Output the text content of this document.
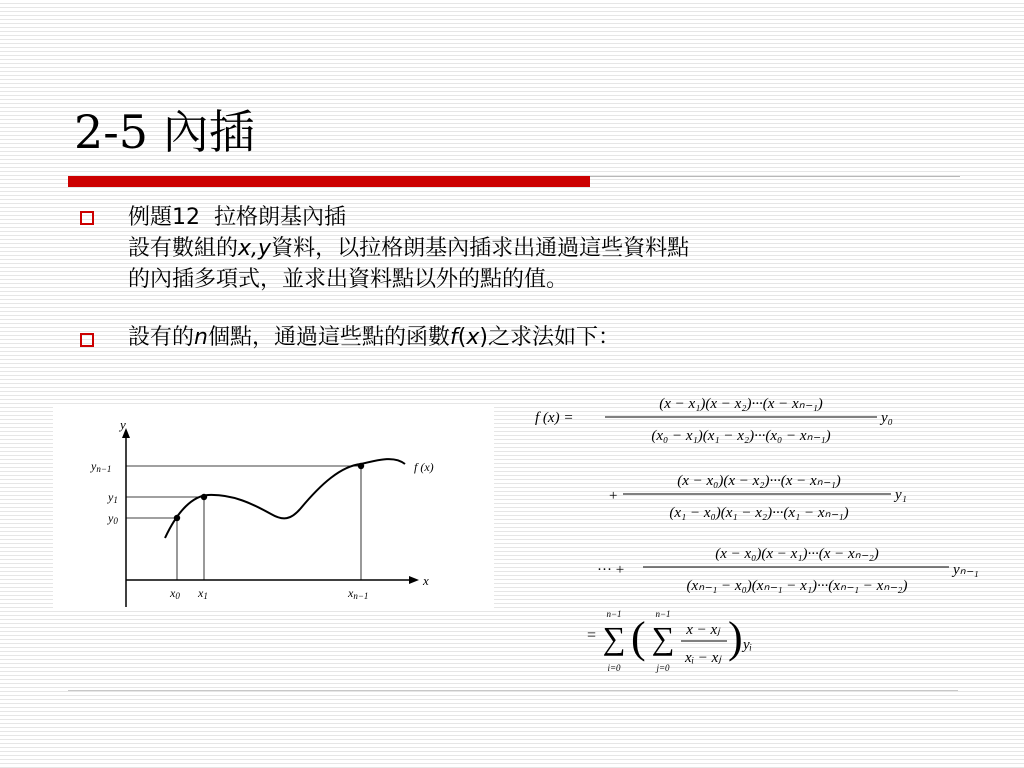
2-5 內插
例題12  拉格朗基內插
設有數組的x,y資料，以拉格朗基內插求出通過這些資料點
的內插多項式，並求出資料點以外的點的值。
設有的n個點，通過這些點的函數f(x)之求法如下：
y
x
f (x)
yn−1
y1
y0
x0 x1	xn−1
f (x) =
(x − x₁)(x − x₂)···(x − xₙ₋₁)
(x₀ − x₁)(x₁ − x₂)···(x₀ − xₙ₋₁)
y₀
+
(x − x₀)(x − x₂)···(x − xₙ₋₁)
(x₁ − x₀)(x₁ − x₂)···(x₁ − xₙ₋₁)
y₁
··· +
(x − x₀)(x − x₁)···(x − xₙ₋₂)
(xₙ₋₁ − x₀)(xₙ₋₁ − x₁)···(xₙ₋₁ − xₙ₋₂)
yₙ₋₁
=
n−1
∑
i=0
( n−1
∑
j=0
x − xⱼ
xᵢ − xⱼ ) yᵢ
